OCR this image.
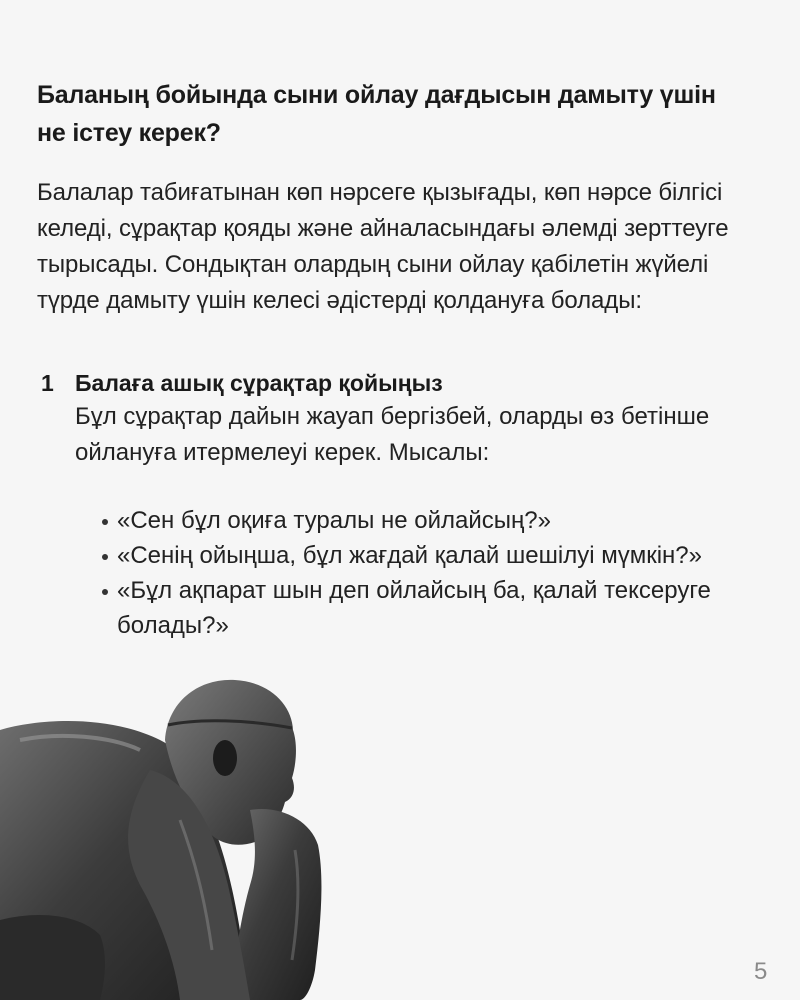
Баланың бойында сыни ойлау дағдысын дамыту үшін
не істеу керек?

Балалар табиғатынан көп нәрсеге қызығады, көп нәрсе білгісі келеді, сұрақтар қояды және айналасындағы әлемді зерттеуге тырысады. Сондықтан олардың сыни ойлау қабілетін жүйелі түрде дамыту үшін келесі әдістерді қолдануға болады:

1 Балаға ашық сұрақтар қойыңыз
Бұл сұрақтар дайын жауап бергізбей, оларды өз бетінше ойлануға итермелеуі керек. Мысалы:
«Сен бұл оқиға туралы не ойлайсың?»
«Сенің ойыңша, бұл жағдай қалай шешілуі мүмкін?»
«Бұл ақпарат шын деп ойлайсың ба, қалай тексеруге болады?»
5
